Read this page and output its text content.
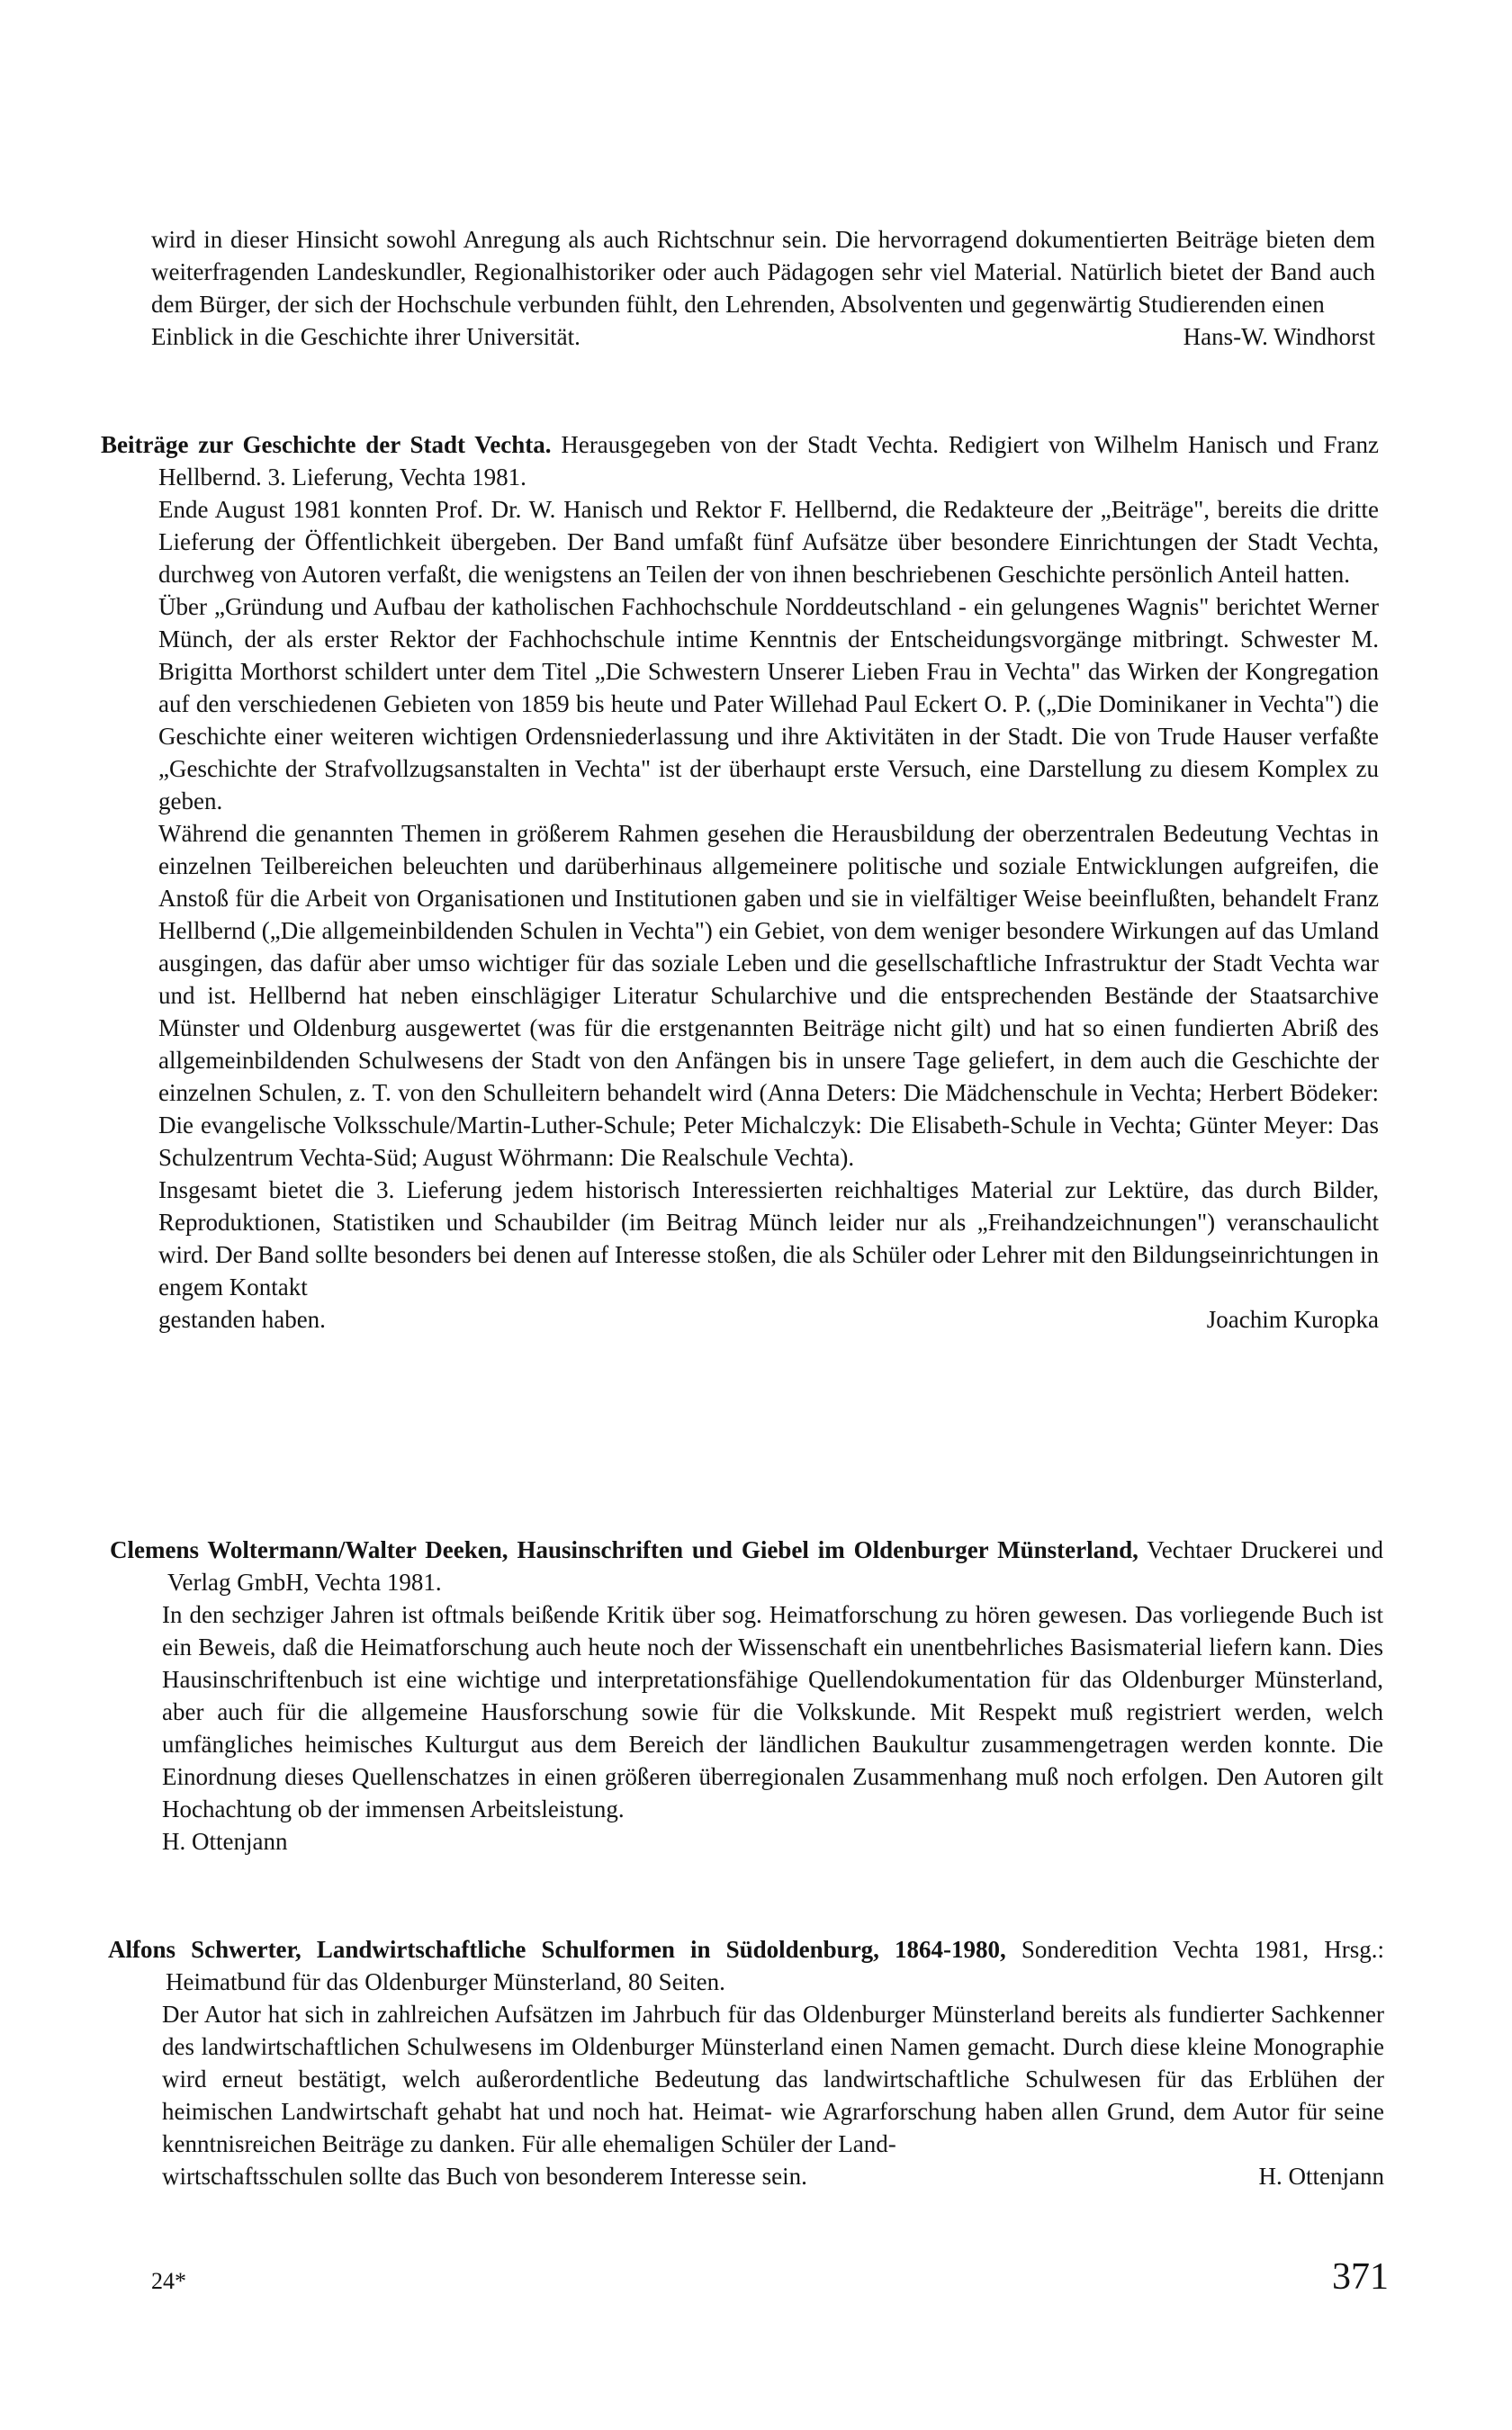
wird in dieser Hinsicht sowohl Anregung als auch Richtschnur sein. Die hervorragend dokumentierten Beiträge bieten dem weiterfragenden Landeskundler, Regionalhistoriker oder auch Pädagogen sehr viel Material. Natürlich bietet der Band auch dem Bürger, der sich der Hochschule verbunden fühlt, den Lehrenden, Absolventen und gegenwärtig Studierenden einen

Einblick in die Geschichte ihrer Universität.	Hans-W. Windhorst

Beiträge zur Geschichte der Stadt Vechta. Herausgegeben von der Stadt Vechta. Redigiert von Wilhelm Hanisch und Franz Hellbernd. 3. Lieferung, Vechta 1981.

Ende August 1981 konnten Prof. Dr. W. Hanisch und Rektor F. Hellbernd, die Redakteure der „Beiträge", bereits die dritte Lieferung der Öffentlichkeit übergeben. Der Band umfaßt fünf Aufsätze über besondere Einrichtungen der Stadt Vechta, durchweg von Autoren verfaßt, die wenigstens an Teilen der von ihnen beschriebenen Geschichte persönlich Anteil hatten.

Über „Gründung und Aufbau der katholischen Fachhochschule Norddeutschland - ein gelungenes Wagnis" berichtet Werner Münch, der als erster Rektor der Fachhochschule intime Kenntnis der Entscheidungsvorgänge mitbringt. Schwester M. Brigitta Morthorst schildert unter dem Titel „Die Schwestern Unserer Lieben Frau in Vechta" das Wirken der Kongregation auf den verschiedenen Gebieten von 1859 bis heute und Pater Willehad Paul Eckert O. P. („Die Dominikaner in Vechta") die Geschichte einer weiteren wichtigen Ordensniederlassung und ihre Aktivitäten in der Stadt. Die von Trude Hauser verfaßte „Geschichte der Strafvollzugsanstalten in Vechta" ist der überhaupt erste Versuch, eine Darstellung zu diesem Komplex zu geben.

Während die genannten Themen in größerem Rahmen gesehen die Herausbildung der oberzentralen Bedeutung Vechtas in einzelnen Teilbereichen beleuchten und darüberhinaus allgemeinere politische und soziale Entwicklungen aufgreifen, die Anstoß für die Arbeit von Organisationen und Institutionen gaben und sie in vielfältiger Weise beeinflußten, behandelt Franz Hellbernd („Die allgemeinbildenden Schulen in Vechta") ein Gebiet, von dem weniger besondere Wirkungen auf das Umland ausgingen, das dafür aber umso wichtiger für das soziale Leben und die gesellschaftliche Infrastruktur der Stadt Vechta war und ist. Hellbernd hat neben einschlägiger Literatur Schularchive und die entsprechenden Bestände der Staatsarchive Münster und Oldenburg ausgewertet (was für die erstgenannten Beiträge nicht gilt) und hat so einen fundierten Abriß des allgemeinbildenden Schulwesens der Stadt von den Anfängen bis in unsere Tage geliefert, in dem auch die Geschichte der einzelnen Schulen, z. T. von den Schulleitern behandelt wird (Anna Deters: Die Mädchenschule in Vechta; Herbert Bödeker: Die evangelische Volksschule/Martin-Luther-Schule; Peter Michalczyk: Die Elisabeth-Schule in Vechta; Günter Meyer: Das Schulzentrum Vechta-Süd; August Wöhrmann: Die Realschule Vechta).

Insgesamt bietet die 3. Lieferung jedem historisch Interessierten reichhaltiges Material zur Lektüre, das durch Bilder, Reproduktionen, Statistiken und Schaubilder (im Beitrag Münch leider nur als „Freihandzeichnungen") veranschaulicht wird. Der Band sollte besonders bei denen auf Interesse stoßen, die als Schüler oder Lehrer mit den Bildungseinrichtungen in engem Kontakt

gestanden haben.	Joachim Kuropka

Clemens Woltermann/Walter Deeken, Hausinschriften und Giebel im Oldenburger Münsterland, Vechtaer Druckerei und Verlag GmbH, Vechta 1981.

In den sechziger Jahren ist oftmals beißende Kritik über sog. Heimatforschung zu hören gewesen. Das vorliegende Buch ist ein Beweis, daß die Heimatforschung auch heute noch der Wissenschaft ein unentbehrliches Basismaterial liefern kann. Dies Hausinschriftenbuch ist eine wichtige und interpretationsfähige Quellendokumentation für das Oldenburger Münsterland, aber auch für die allgemeine Hausforschung sowie für die Volkskunde. Mit Respekt muß registriert werden, welch umfängliches heimisches Kulturgut aus dem Bereich der ländlichen Baukultur zusammengetragen werden konnte. Die Einordnung dieses Quellenschatzes in einen größeren überregionalen Zusammenhang muß noch erfolgen. Den Autoren gilt Hochachtung ob der immensen Arbeitsleistung.

H. Ottenjann

Alfons Schwerter, Landwirtschaftliche Schulformen in Südoldenburg, 1864-1980, Sonderedition Vechta 1981, Hrsg.: Heimatbund für das Oldenburger Münsterland, 80 Seiten.

Der Autor hat sich in zahlreichen Aufsätzen im Jahrbuch für das Oldenburger Münsterland bereits als fundierter Sachkenner des landwirtschaftlichen Schulwesens im Oldenburger Münsterland einen Namen gemacht. Durch diese kleine Monographie wird erneut bestätigt, welch außerordentliche Bedeutung das landwirtschaftliche Schulwesen für das Erblühen der heimischen Landwirtschaft gehabt hat und noch hat. Heimat- wie Agrarforschung haben allen Grund, dem Autor für seine kenntnisreichen Beiträge zu danken. Für alle ehemaligen Schüler der Land-

wirtschaftsschulen sollte das Buch von besonderem Interesse sein.	H. Ottenjann
24*	371
